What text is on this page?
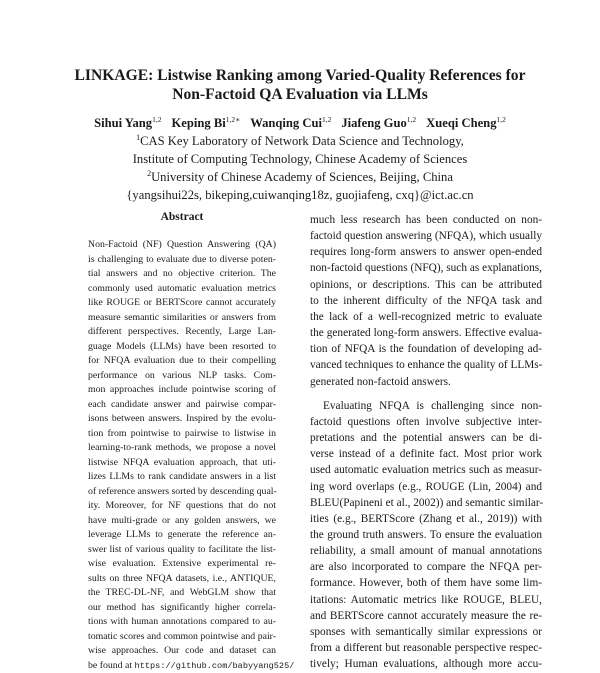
LINKAGE: Listwise Ranking among Varied-Quality References for
Non-Factoid QA Evaluation via LLMs
Sihui Yang$^{1,2}$ Keping $Bi^{1,2∗}$ Wanqing Cui$^{1,2}$ Jiafeng Guo$^{1,2}$ Xueqi Cheng$^{1,2}$
$^1$CAS Key Laboratory of Network Data Science and Technology,
Institute of Computing Technology, Chinese Academy of Sciences
$^2$University of Chinese Academy of Sciences, Beijing, China
{yangsihui22s, bikeping,cuiwanqing18z, guojiafeng, cxq}@ict.ac.cn
Abstract
Non-Factoid (NF) Question Answering (QA)
is challenging to evaluate due to diverse poten-
tial answers and no objective criterion. The
commonly used automatic evaluation metrics
like ROUGE or BERTScore cannot accurately
measure semantic similarities or answers from
different perspectives. Recently, Large Lan-
guage Models (LLMs) have been resorted to
for NFQA evaluation due to their compelling
performance on various NLP tasks. Com-
mon approaches include pointwise scoring of
each candidate answer and pairwise compar-
isons between answers. Inspired by the evolu-
tion from pointwise to pairwise to listwise in
learning-to-rank methods, we propose a novel
listwise NFQA evaluation approach, that uti-
lizes LLMs to rank candidate answers in a list
of reference answers sorted by descending qual-
ity. Moreover, for NF questions that do not
have multi-grade or any golden answers, we
leverage LLMs to generate the reference an-
swer list of various quality to facilitate the list-
wise evaluation. Extensive experimental re-
sults on three NFQA datasets, i.e., ANTIQUE,
the TREC-DL-NF, and WebGLM show that
our method has significantly higher correla-
tions with human annotations compared to au-
tomatic scores and common pointwise and pair-
wise approaches. Our code and dataset can
be found at https://github.com/babyyang525/
much less research has been conducted on non-
factoid question answering (NFQA), which usually
requires long-form answers to answer open-ended
non-factoid questions (NFQ), such as explanations,
opinions, or descriptions. This can be attributed
to the inherent difficulty of the NFQA task and
the lack of a well-recognized metric to evaluate
the generated long-form answers. Effective evalua-
tion of NFQA is the foundation of developing ad-
vanced techniques to enhance the quality of LLMs-
generated non-factoid answers.
Evaluating NFQA is challenging since non-
factoid questions often involve subjective inter-
pretations and the potential answers can be di-
verse instead of a definite fact. Most prior work
used automatic evaluation metrics such as measur-
ing word overlaps (e.g., ROUGE (Lin, 2004) and
BLEU(Papineni et al., 2002)) and semantic similar-
ities (e.g., BERTScore (Zhang et al., 2019)) with
the ground truth answers. To ensure the evaluation
reliability, a small amount of manual annotations
are also incorporated to compare the NFQA per-
formance. However, both of them have some lim-
itations: Automatic metrics like ROUGE, BLEU,
and BERTScore cannot accurately measure the re-
sponses with semantically similar expressions or
from a different but reasonable perspective respec-
tively; Human evaluations, although more accu-
